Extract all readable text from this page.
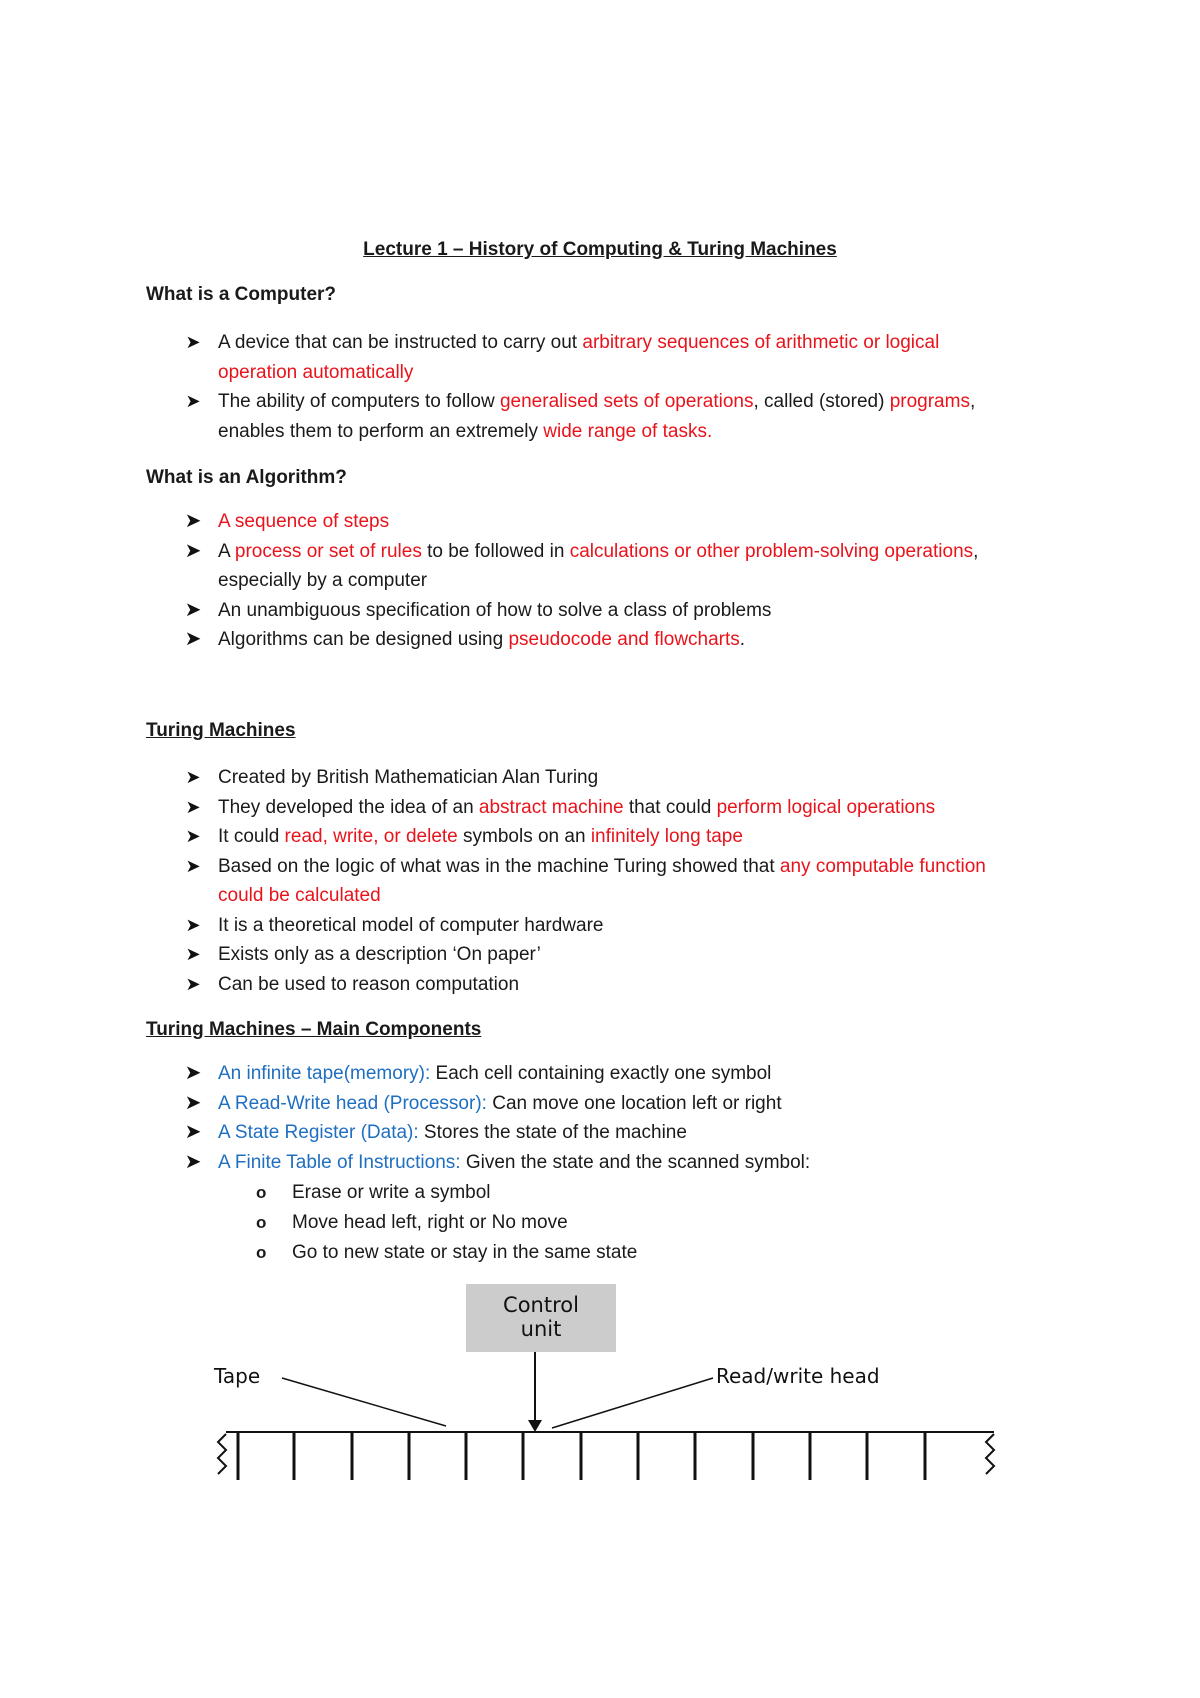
Lecture 1 – History of Computing & Turing Machines
What is a Computer?
➤ A device that can be instructed to carry out arbitrary sequences of arithmetic or logical
operation automatically
➤ The ability of computers to follow generalised sets of operations, called (stored) programs,
enables them to perform an extremely wide range of tasks.
What is an Algorithm?
➤ A sequence of steps
➤ A process or set of rules to be followed in calculations or other problem-solving operations,
especially by a computer
➤ An unambiguous specification of how to solve a class of problems
➤ Algorithms can be designed using pseudocode and flowcharts.
Turing Machines
➤ Created by British Mathematician Alan Turing
➤ They developed the idea of an abstract machine that could perform logical operations
➤ It could read, write, or delete symbols on an infinitely long tape
➤ Based on the logic of what was in the machine Turing showed that any computable function
could be calculated
➤ It is a theoretical model of computer hardware
➤ Exists only as a description ‘On paper’
➤ Can be used to reason computation
Turing Machines – Main Components
➤ An infinite tape(memory): Each cell containing exactly one symbol
➤ A Read-Write head (Processor): Can move one location left or right
➤ A State Register (Data): Stores the state of the machine
➤ A Finite Table of Instructions: Given the state and the scanned symbol:
o Erase or write a symbol
o Move head left, right or No move
o Go to new state or stay in the same state
Control
unit
Tape	Read/write head
